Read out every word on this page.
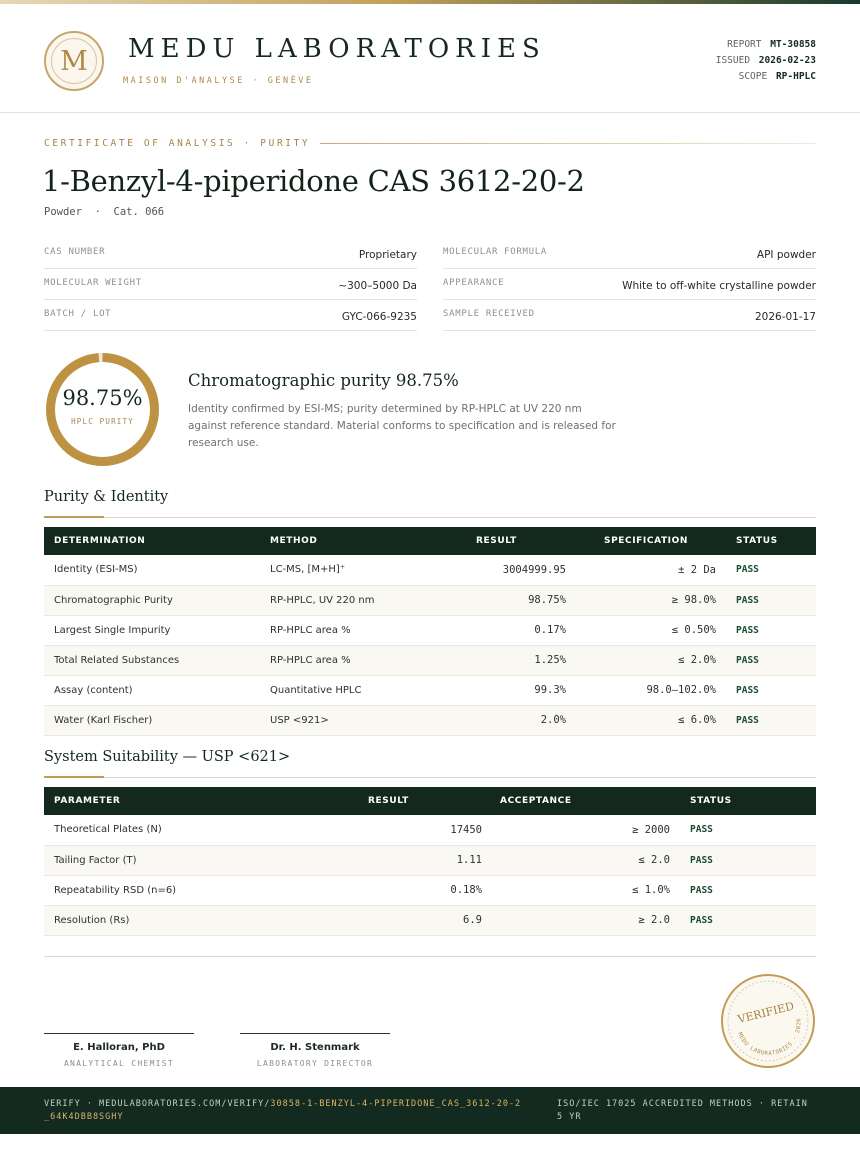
M	MEDU LABORATORIES
MAISON D'ANALYSE · GENÈVE
REPORT MT-30858
ISSUED 2026-02-23
SCOPE RP-HPLC
CERTIFICATE OF ANALYSIS · PURITY
1-Benzyl-4-piperidone CAS 3612-20-2
Powder  ·  Cat. 066
CAS NUMBER	Proprietary	MOLECULAR FORMULA	API powder
MOLECULAR WEIGHT	~300–5000 Da	APPEARANCE	White to off-white crystalline powder
BATCH / LOT	GYC-066-9235	SAMPLE RECEIVED	2026-01-17
98.75%
HPLC PURITY
Chromatographic purity 98.75%
Identity confirmed by ESI-MS; purity determined by RP-HPLC at UV 220 nm against reference standard. Material conforms to specification and is released for research use.
Purity & Identity
DETERMINATION	METHOD	RESULT	SPECIFICATION	STATUS
Identity (ESI-MS)	LC-MS, [M+H]⁺	3004999.95	± 2 Da	PASS
Chromatographic Purity	RP-HPLC, UV 220 nm	98.75%	≥ 98.0%	PASS
Largest Single Impurity	RP-HPLC area %	0.17%	≤ 0.50%	PASS
Total Related Substances	RP-HPLC area %	1.25%	≤ 2.0%	PASS
Assay (content)	Quantitative HPLC	99.3%	98.0–102.0%	PASS
Water (Karl Fischer)	USP <921>	2.0%	≤ 6.0%	PASS
System Suitability — USP <621>
PARAMETER	RESULT	ACCEPTANCE	STATUS
Theoretical Plates (N)	17450	≥ 2000	PASS
Tailing Factor (T)	1.11	≤ 2.0	PASS
Repeatability RSD (n=6)	0.18%	≤ 1.0%	PASS
Resolution (Rs)	6.9	≥ 2.0	PASS
E. Halloran, PhD
ANALYTICAL CHEMIST
Dr. H. Stenmark
LABORATORY DIRECTOR
VERIFIED
MEDU LABORATORIES · 2026
VERIFY · MEDULABORATORIES.COM/VERIFY/30858-1-BENZYL-4-PIPERIDONE_CAS_3612-20-2_64K4DBB8SGHY
ISO/IEC 17025 ACCREDITED METHODS · RETAIN 5 YR
